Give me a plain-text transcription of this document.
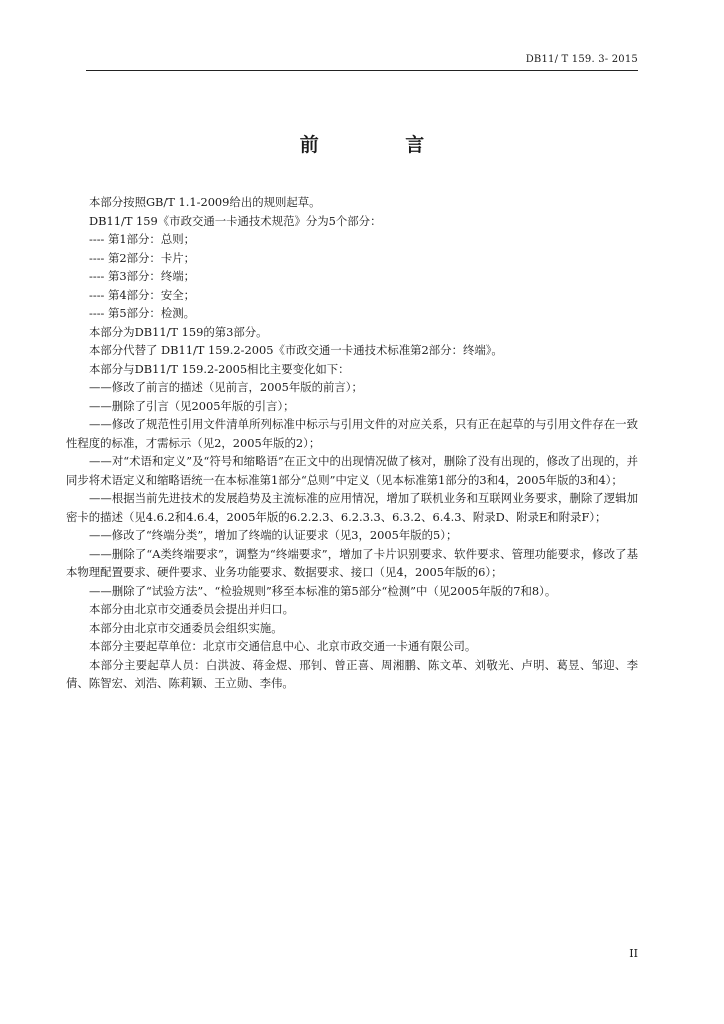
DB11/ T 159. 3- 2015
前 言

本部分按照GB/T 1.1-2009给出的规则起草。

DB11/T 159《市政交通一卡通技术规范》分为5个部分：

---- 第1部分：总则；

---- 第2部分：卡片；

---- 第3部分：终端；

---- 第4部分：安全；

---- 第5部分：检测。

本部分为DB11/T 159的第3部分。

本部分代替了 DB11/T 159.2-2005《市政交通一卡通技术标准第2部分：终端》。

本部分与DB11/T 159.2-2005相比主要变化如下：

——修改了前言的描述（见前言，2005年版的前言）；

——删除了引言（见2005年版的引言）；

——修改了规范性引用文件清单所列标准中标示与引用文件的对应关系，只有正在起草的与引用文件存在一致性程度的标准，才需标示（见2，2005年版的2）；

——对“术语和定义”及“符号和缩略语”在正文中的出现情况做了核对，删除了没有出现的，修改了出现的，并同步将术语定义和缩略语统一在本标准第1部分“总则”中定义（见本标准第1部分的3和4，2005年版的3和4）；

——根据当前先进技术的发展趋势及主流标准的应用情况，增加了联机业务和互联网业务要求，删除了逻辑加密卡的描述（见4.6.2和4.6.4，2005年版的6.2.2.3、6.2.3.3、6.3.2、6.4.3、附录D、附录E和附录F）；

——修改了“终端分类”，增加了终端的认证要求（见3，2005年版的5）；

——删除了“A类终端要求”，调整为“终端要求”，增加了卡片识别要求、软件要求、管理功能要求，修改了基本物理配置要求、硬件要求、业务功能要求、数据要求、接口（见4，2005年版的6）；

——删除了“试验方法”、“检验规则”移至本标准的第5部分“检测”中（见2005年版的7和8）。

本部分由北京市交通委员会提出并归口。

本部分由北京市交通委员会组织实施。

本部分主要起草单位：北京市交通信息中心、北京市政交通一卡通有限公司。

本部分主要起草人员：白洪波、蒋金煜、邢钊、曾正喜、周湘鹏、陈文革、刘敬光、卢明、葛昱、邹迎、李倩、陈智宏、刘浩、陈莉颖、王立勋、李伟。

II
